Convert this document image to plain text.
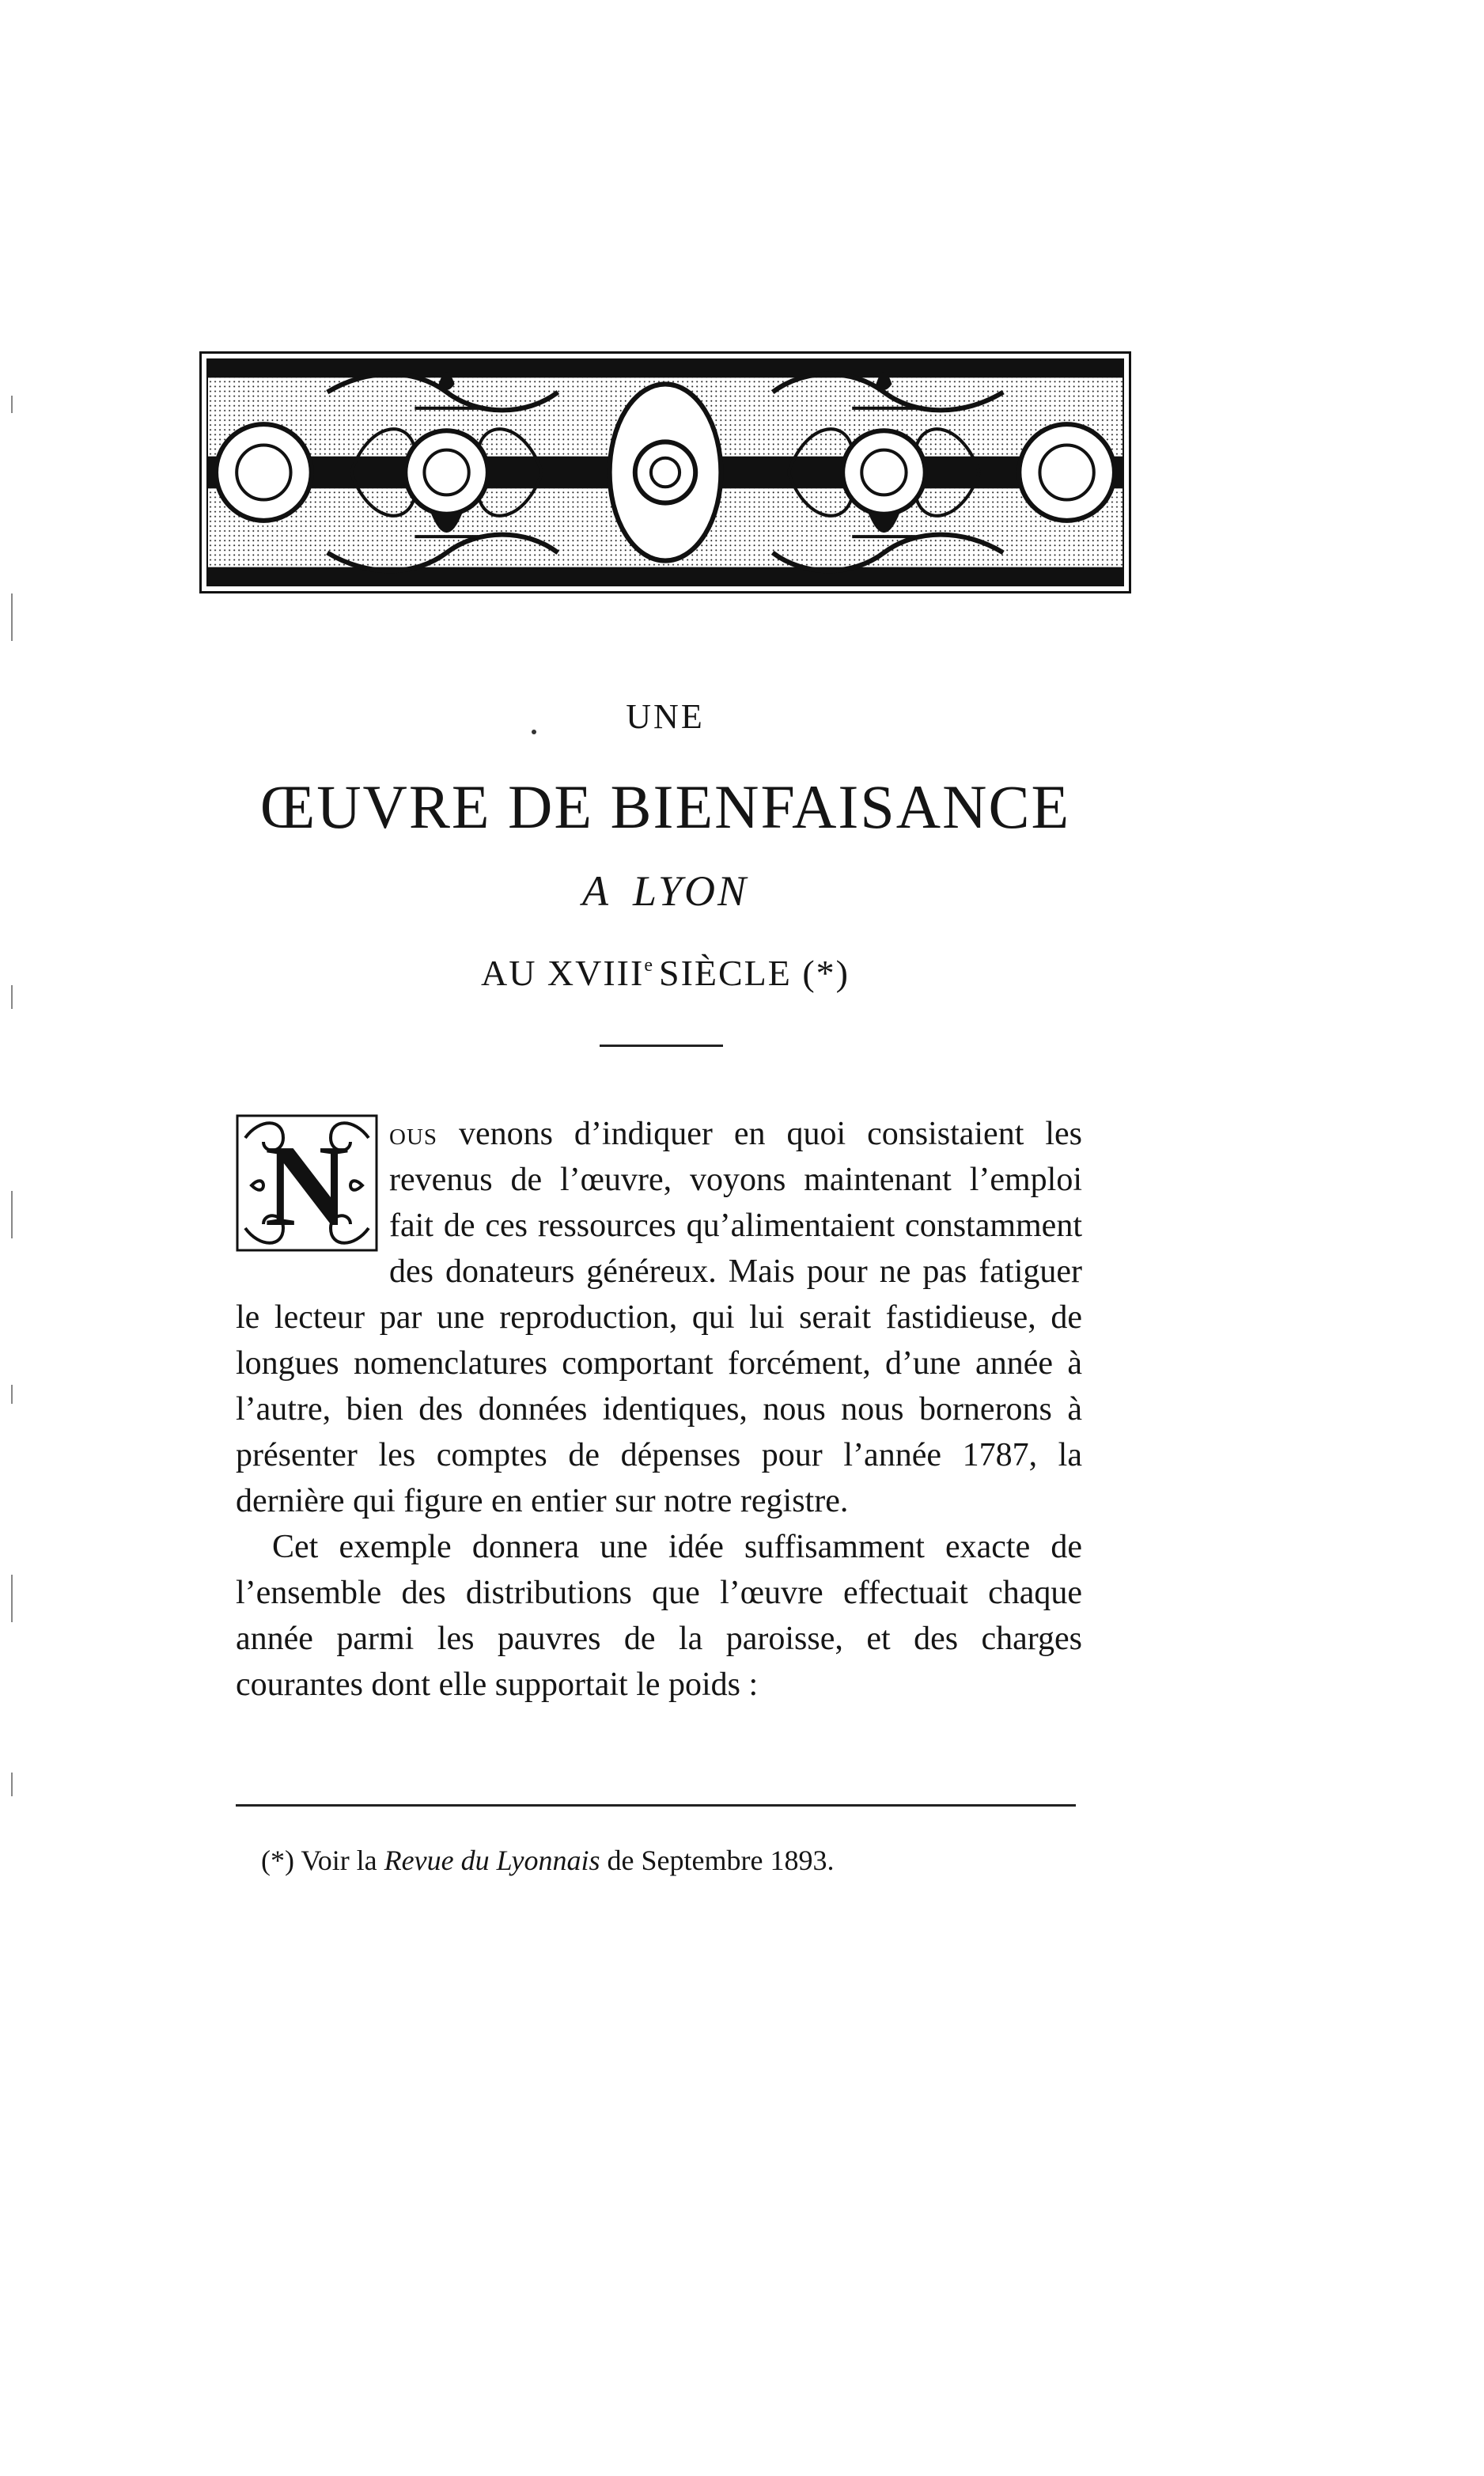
UNE
ŒUVRE DE BIENFAISANCE
A LYON
AU XVIIIe SIÈCLE (*)

N ous venons d’indiquer en quoi consistaient les revenus de l’œuvre, voyons maintenant l’emploi fait de ces ressources qu’alimentaient constamment des donateurs généreux. Mais pour ne pas fatiguer le lecteur par une reproduction, qui lui serait fastidieuse, de longues nomenclatures comportant forcément, d’une année à l’autre, bien des données identiques, nous nous bornerons à présenter les comptes de dépenses pour l’année 1787, la dernière qui figure en entier sur notre registre.

Cet exemple donnera une idée suffisamment exacte de l’ensemble des distributions que l’œuvre effectuait chaque année parmi les pauvres de la paroisse, et des charges courantes dont elle supportait le poids :

(*) Voir la Revue du Lyonnais de Septembre 1893.
